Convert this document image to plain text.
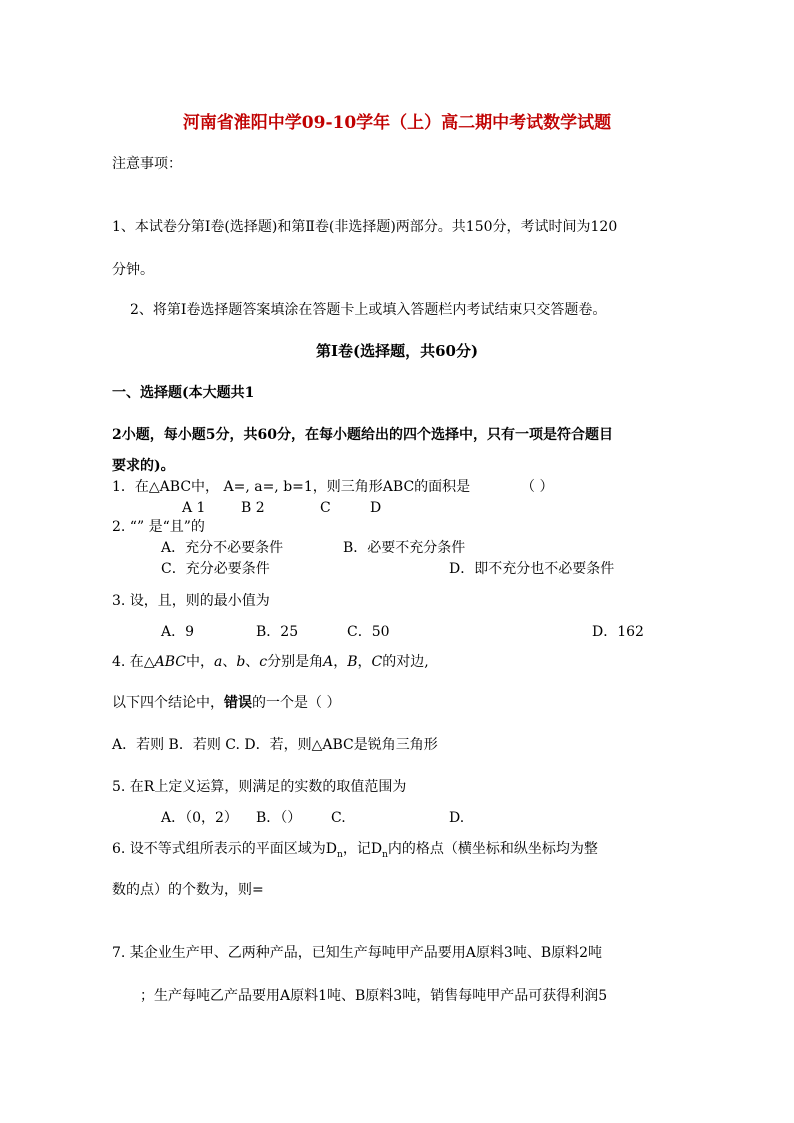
河南省淮阳中学09-10学年（上）高二期中考试数学试题
注意事项：
1、本试卷分第Ⅰ卷(选择题)和第Ⅱ卷(非选择题)两部分。共150分，考试时间为120
分钟。
2、将第Ⅰ卷选择题答案填涂在答题卡上或填入答题栏内考试结束只交答题卷。
第Ⅰ卷(选择题，共60分)
一、选择题(本大题共1
2小题，每小题5分，共60分，在每小题给出的四个选择中，只有一项是符合题目
要求的)。
1．在△ABC中， A=, a=, b=1，则三角形ABC的面积是	（ ）
A 1	B 2	C	D
2. “” 是“且”的
A．充分不必要条件	B．必要不充分条件
C．充分必要条件	D．即不充分也不必要条件
3. 设，且，则的最小值为
A．9	B．25	C．50	D．162
4. 在△ABC中，a、b、c分别是角A，B，C的对边,
以下四个结论中，错误的一个是（ ）
A．若则 B．若则 C. D．若，则△ABC是锐角三角形
5. 在R上定义运算，则满足的实数的取值范围为
A．（0，2） B．（） C.	D.
6. 设不等式组所表示的平面区域为$D_n$，记$D_n$内的格点（横坐标和纵坐标均为整
数的点）的个数为，则=
7. 某企业生产甲、乙两种产品，已知生产每吨甲产品要用A原料3吨、B原料2吨
；生产每吨乙产品要用A原料1吨、B原料3吨，销售每吨甲产品可获得利润5
